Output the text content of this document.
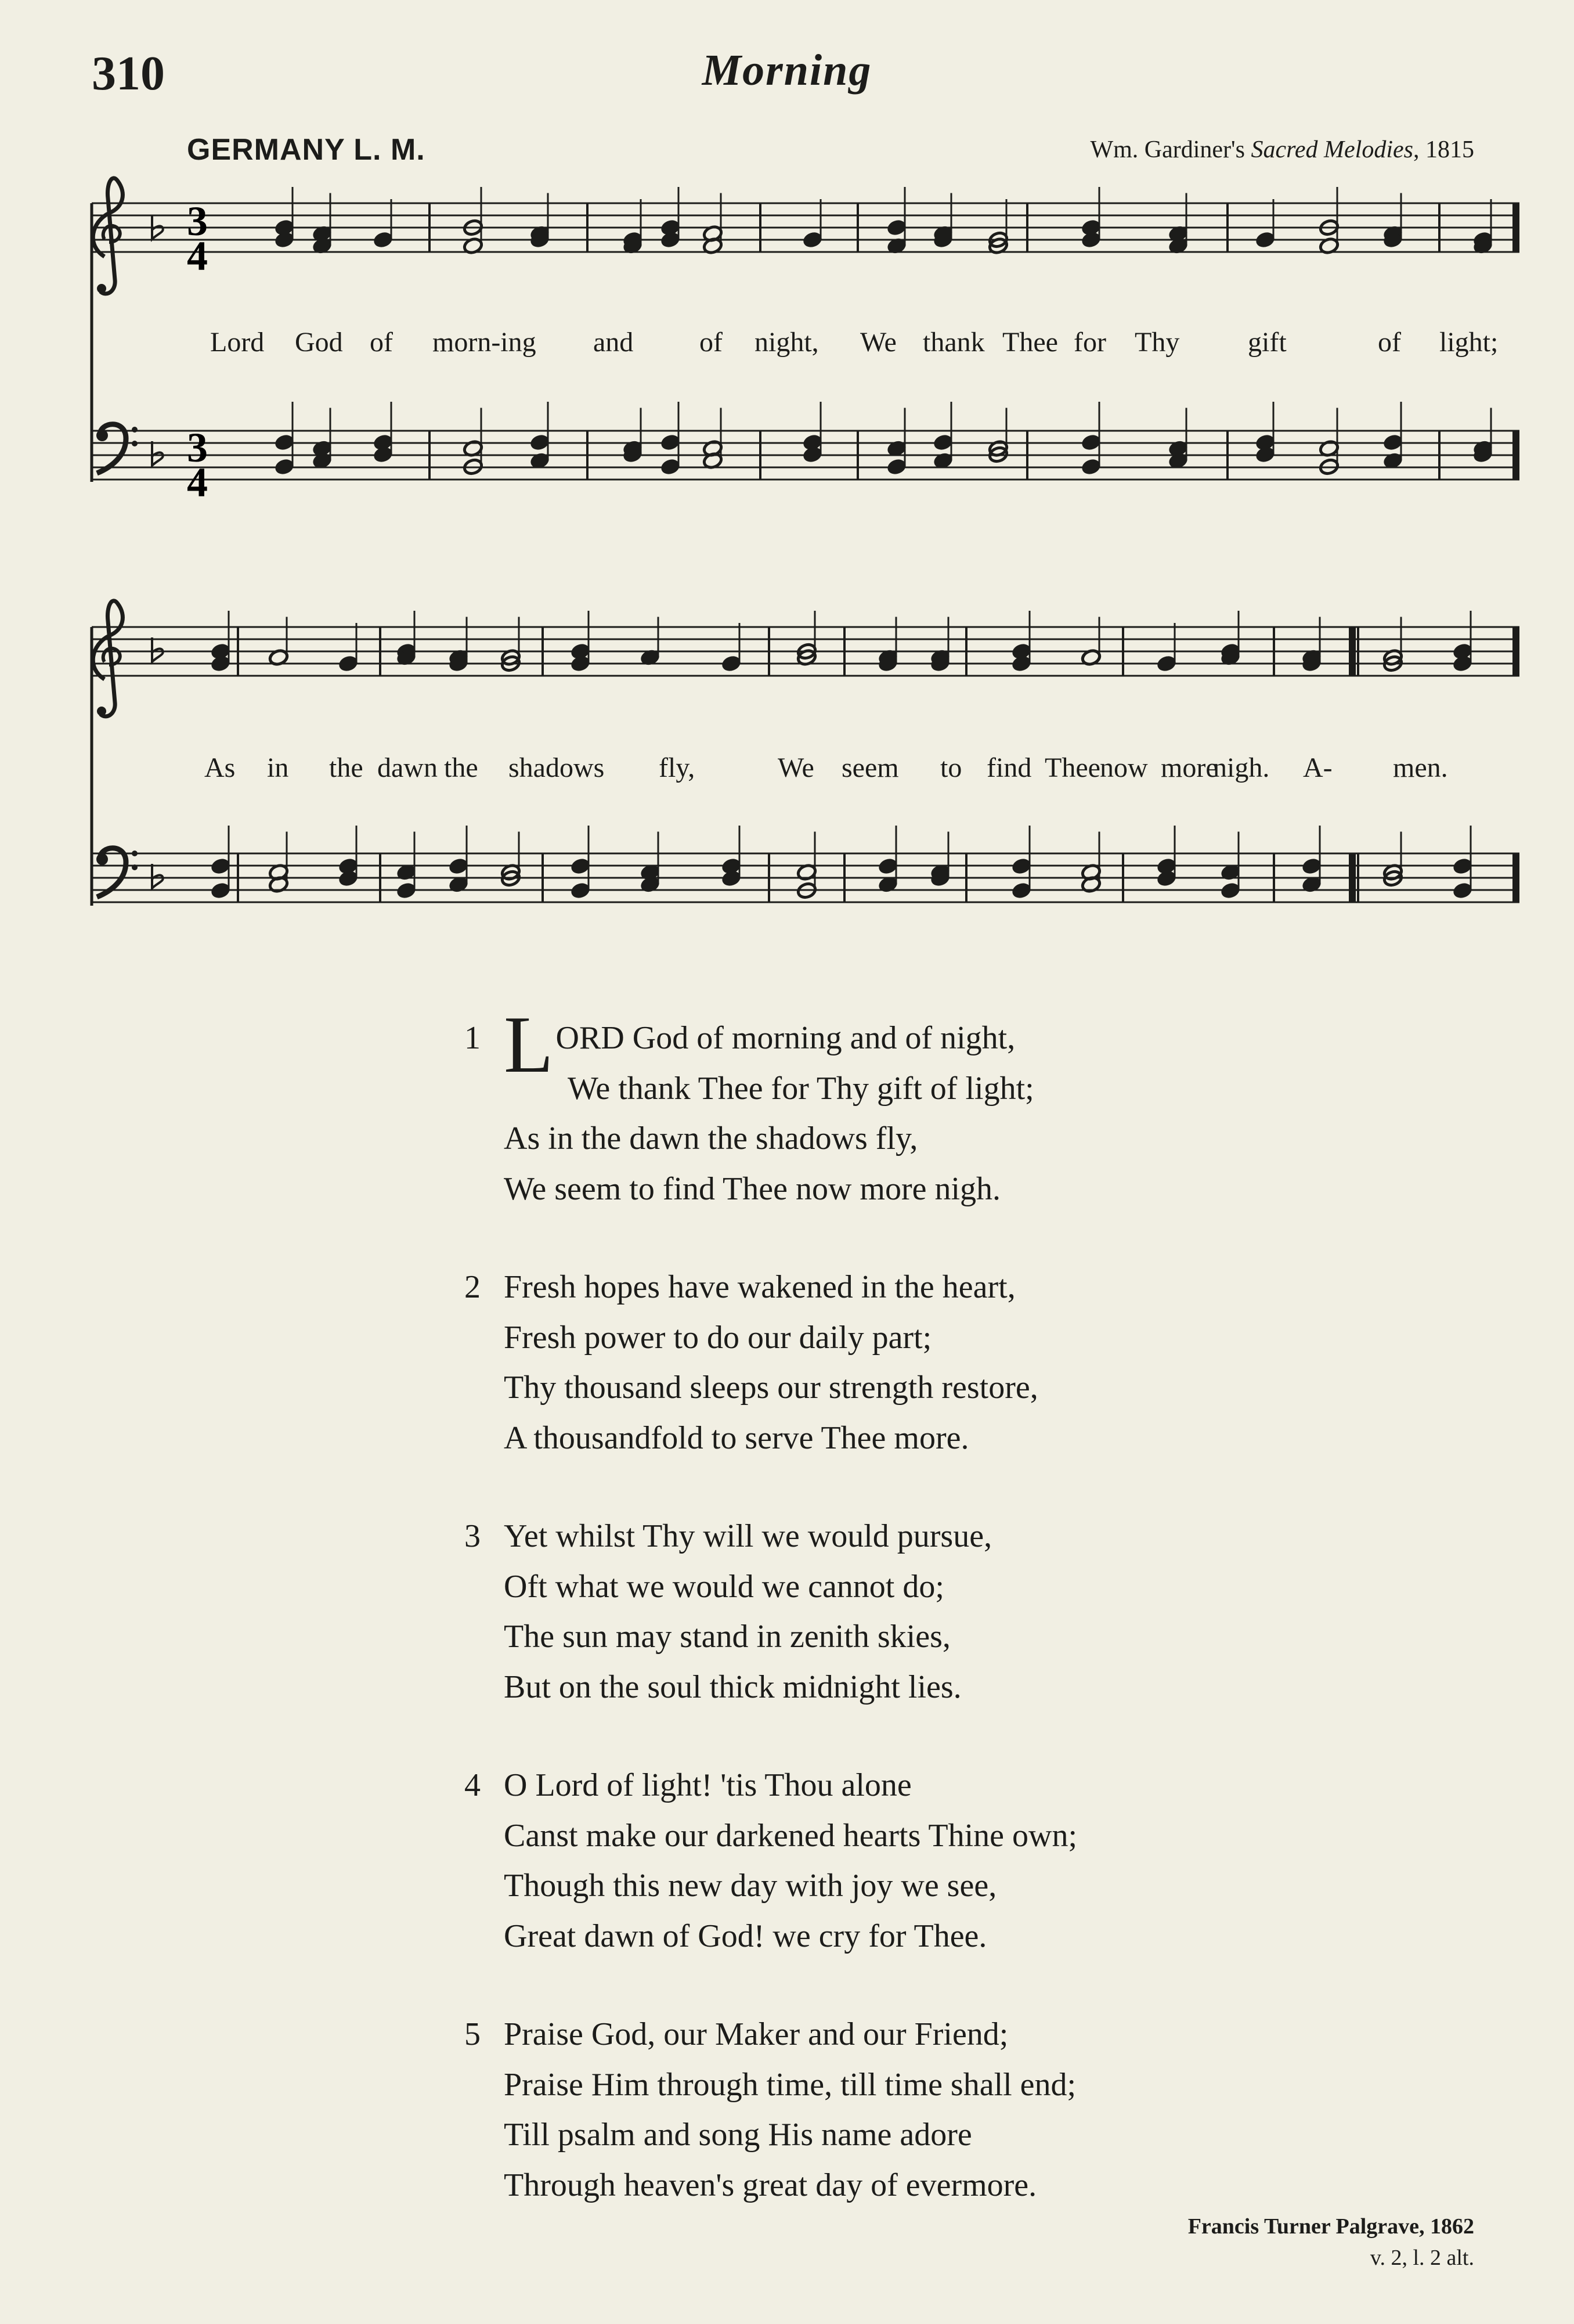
310	Morning
GERMANY L. M.	Wm. Gardiner's Sacred Melodies, 1815
3
4
3
4
Lord God of morn-ing and of night, We thank Thee for Thy gift	of light;
As in the dawn the shadows fly,	We seem to find Thee now more
nigh. A- men.
1 LORD God of morning and of night,
We thank Thee for Thy gift of light;
As in the dawn the shadows fly,
We seem to find Thee now more nigh.
2 Fresh hopes have wakened in the heart,
Fresh power to do our daily part;
Thy thousand sleeps our strength restore,
A thousandfold to serve Thee more.
3 Yet whilst Thy will we would pursue,
Oft what we would we cannot do;
The sun may stand in zenith skies,
But on the soul thick midnight lies.
4 O Lord of light! 'tis Thou alone
Canst make our darkened hearts Thine own;
Though this new day with joy we see,
Great dawn of God! we cry for Thee.
5 Praise God, our Maker and our Friend;
Praise Him through time, till time shall end;
Till psalm and song His name adore
Through heaven's great day of evermore.
Francis Turner Palgrave, 1862
v. 2, l. 2 alt.
